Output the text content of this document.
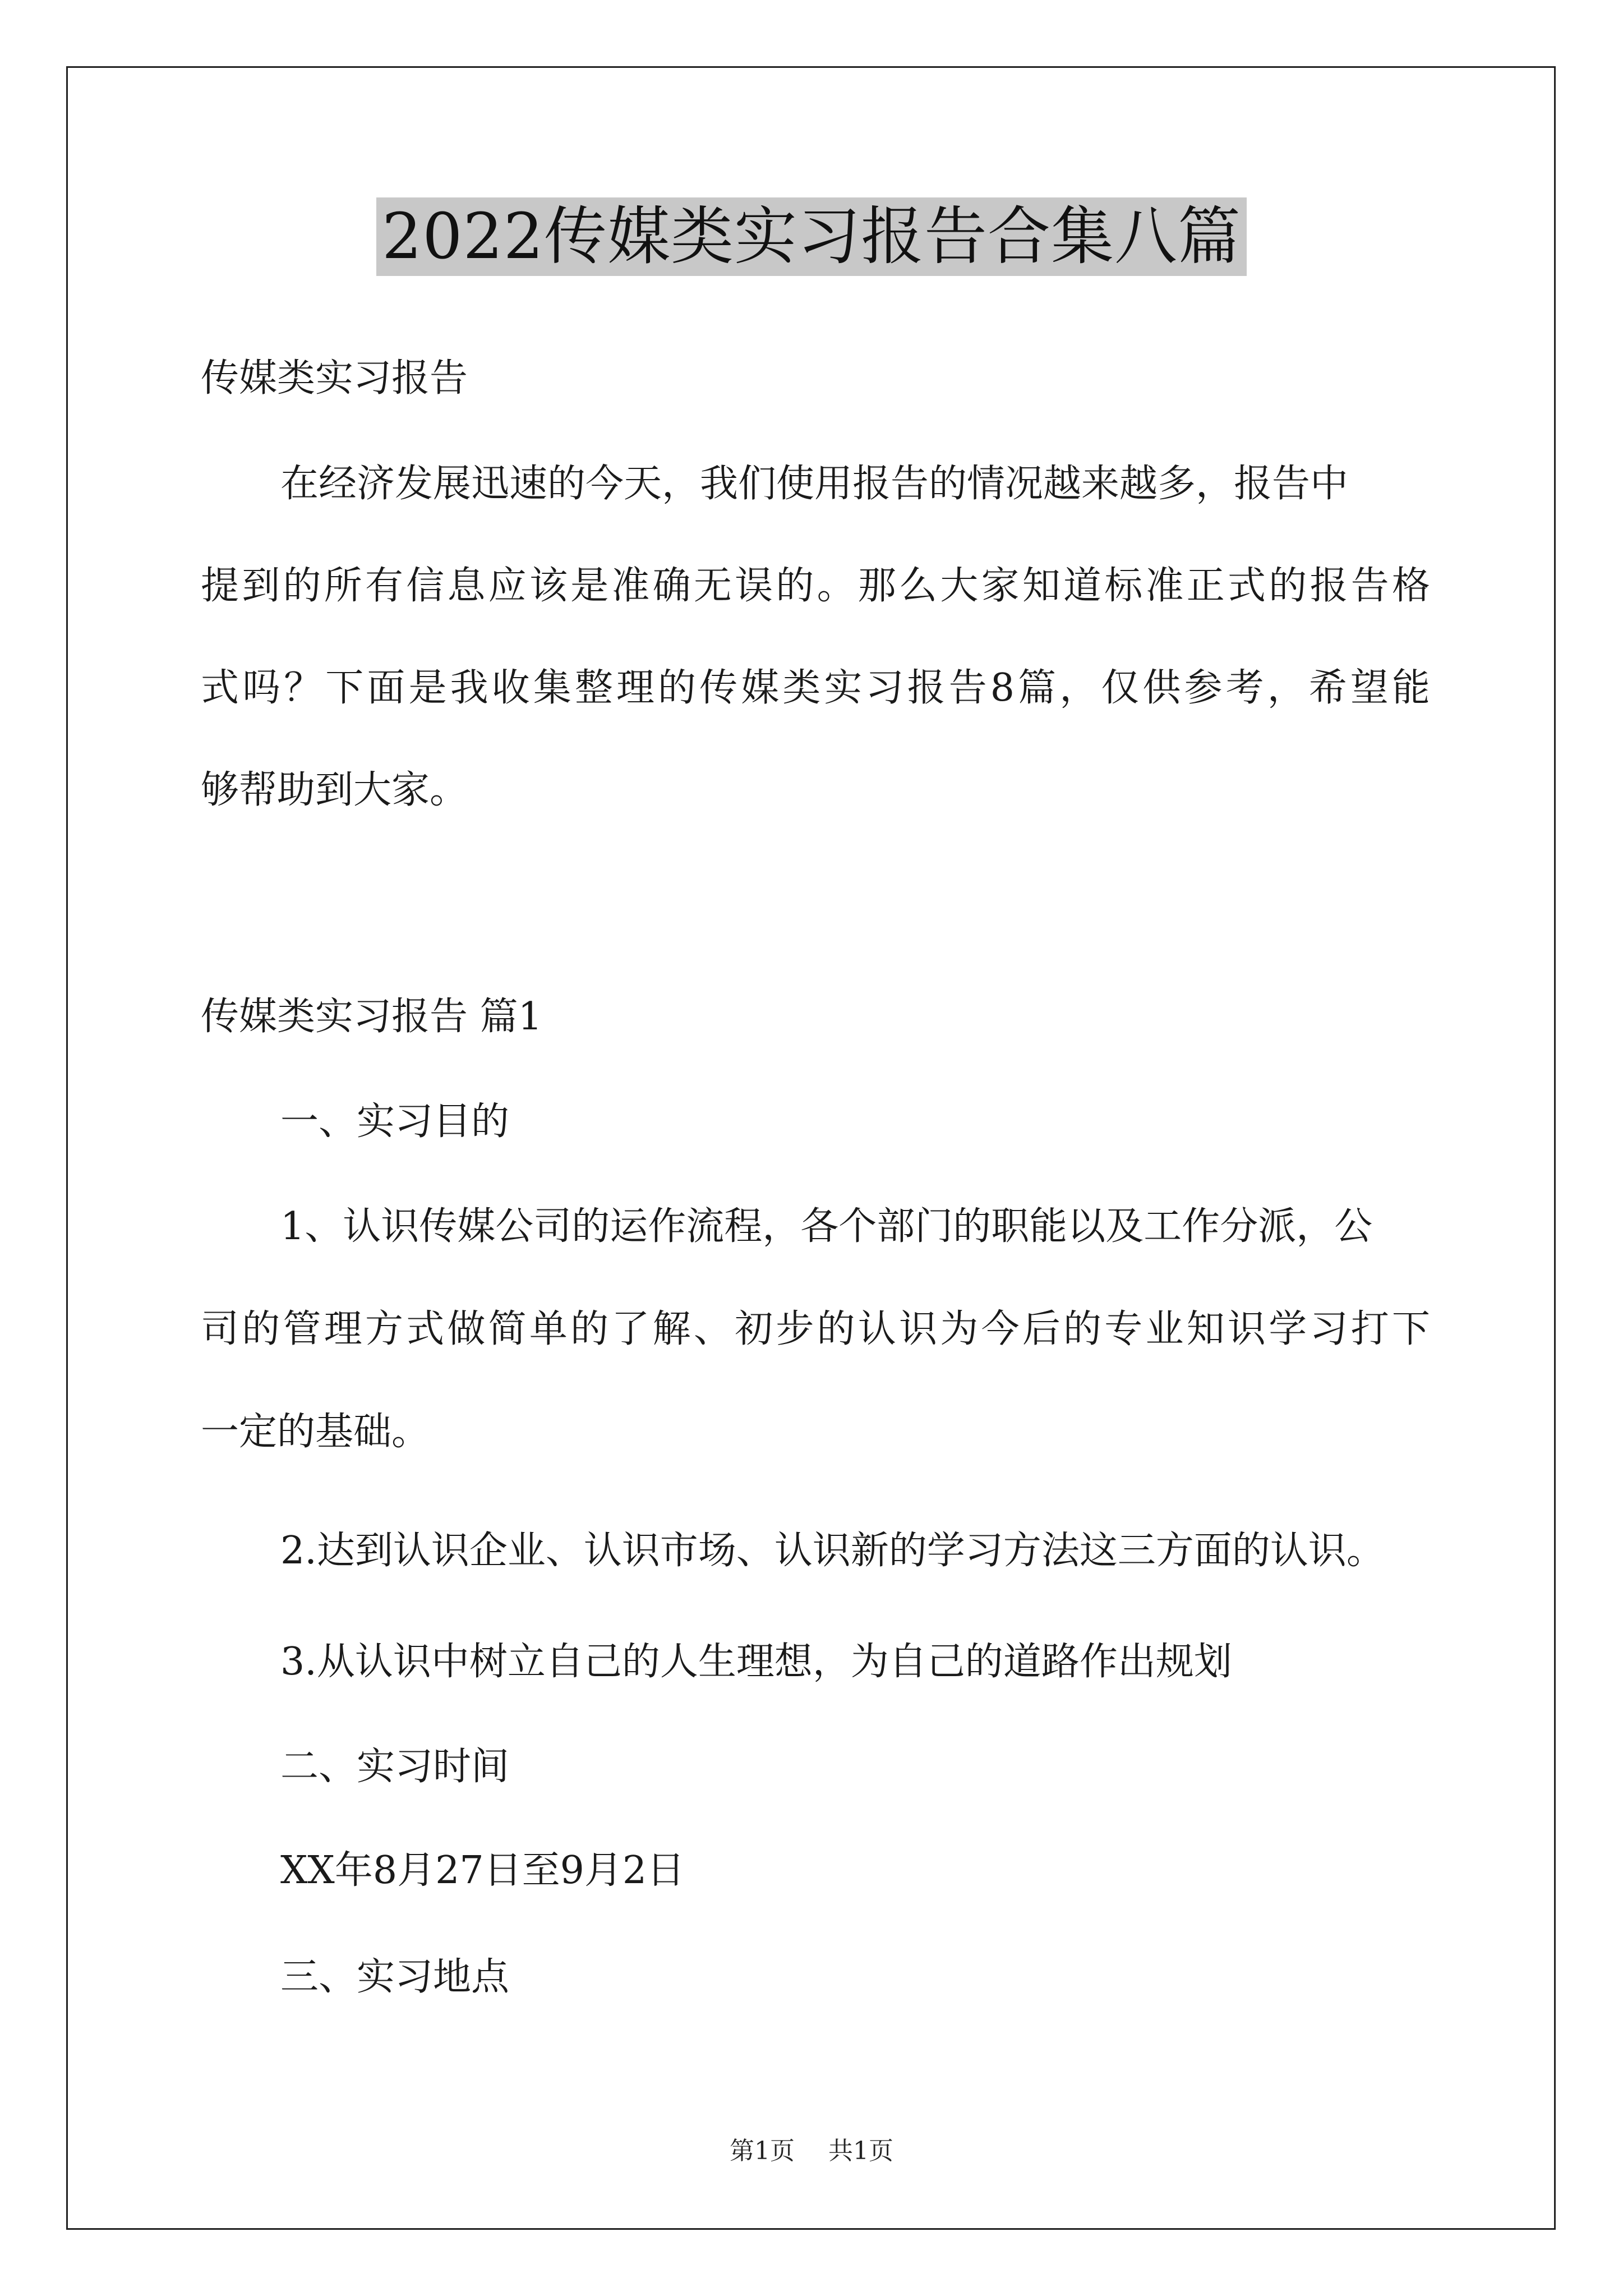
2022传媒类实习报告合集八篇
传媒类实习报告
在经济发展迅速的今天，我们使用报告的情况越来越多，报告中
提到的所有信息应该是准确无误的。那么大家知道标准正式的报告格
式吗？下面是我收集整理的传媒类实习报告8篇，仅供参考，希望能
够帮助到大家。
传媒类实习报告 篇1
一、实习目的
1、认识传媒公司的运作流程，各个部门的职能以及工作分派，公
司的管理方式做简单的了解、初步的认识为今后的专业知识学习打下
一定的基础。
2.达到认识企业、认识市场、认识新的学习方法这三方面的认识。
3.从认识中树立自己的人生理想，为自己的道路作出规划
二、实习时间
XX年8月27日至9月2日
三、实习地点
第1页 共1页
